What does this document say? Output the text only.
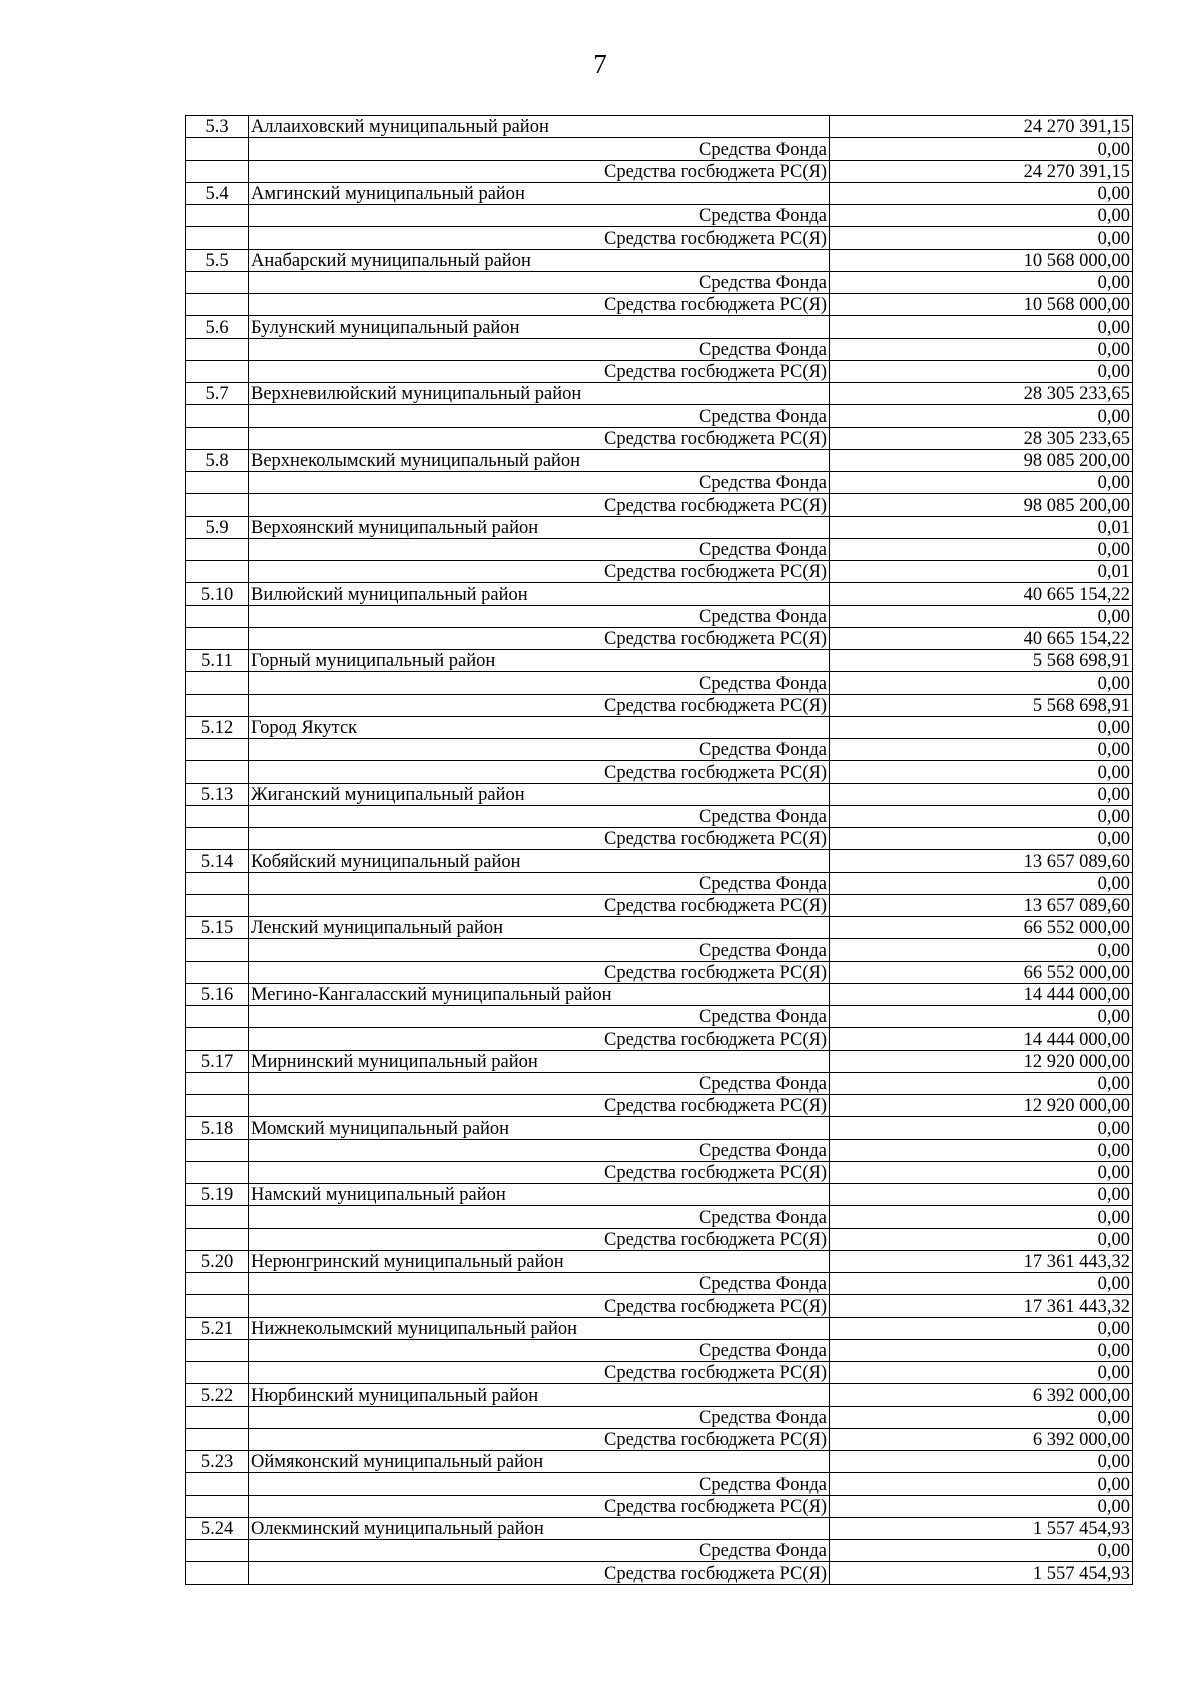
7
5.3	Аллаиховский муниципальный район	24 270 391,15
	Средства Фонда	0,00
	Средства госбюджета РС(Я)	24 270 391,15
5.4	Амгинский муниципальный район	0,00
	Средства Фонда	0,00
	Средства госбюджета РС(Я)	0,00
5.5	Анабарский муниципальный район	10 568 000,00
	Средства Фонда	0,00
	Средства госбюджета РС(Я)	10 568 000,00
5.6	Булунский муниципальный район	0,00
	Средства Фонда	0,00
	Средства госбюджета РС(Я)	0,00
5.7	Верхневилюйский муниципальный район	28 305 233,65
	Средства Фонда	0,00
	Средства госбюджета РС(Я)	28 305 233,65
5.8	Верхнеколымский муниципальный район	98 085 200,00
	Средства Фонда	0,00
	Средства госбюджета РС(Я)	98 085 200,00
5.9	Верхоянский муниципальный район	0,01
	Средства Фонда	0,00
	Средства госбюджета РС(Я)	0,01
5.10	Вилюйский муниципальный район	40 665 154,22
	Средства Фонда	0,00
	Средства госбюджета РС(Я)	40 665 154,22
5.11	Горный муниципальный район	5 568 698,91
	Средства Фонда	0,00
	Средства госбюджета РС(Я)	5 568 698,91
5.12	Город Якутск	0,00
	Средства Фонда	0,00
	Средства госбюджета РС(Я)	0,00
5.13	Жиганский муниципальный район	0,00
	Средства Фонда	0,00
	Средства госбюджета РС(Я)	0,00
5.14	Кобяйский муниципальный район	13 657 089,60
	Средства Фонда	0,00
	Средства госбюджета РС(Я)	13 657 089,60
5.15	Ленский муниципальный район	66 552 000,00
	Средства Фонда	0,00
	Средства госбюджета РС(Я)	66 552 000,00
5.16	Мегино-Кангаласский муниципальный район	14 444 000,00
	Средства Фонда	0,00
	Средства госбюджета РС(Я)	14 444 000,00
5.17	Мирнинский муниципальный район	12 920 000,00
	Средства Фонда	0,00
	Средства госбюджета РС(Я)	12 920 000,00
5.18	Момский муниципальный район	0,00
	Средства Фонда	0,00
	Средства госбюджета РС(Я)	0,00
5.19	Намский муниципальный район	0,00
	Средства Фонда	0,00
	Средства госбюджета РС(Я)	0,00
5.20	Нерюнгринский муниципальный район	17 361 443,32
	Средства Фонда	0,00
	Средства госбюджета РС(Я)	17 361 443,32
5.21	Нижнеколымский муниципальный район	0,00
	Средства Фонда	0,00
	Средства госбюджета РС(Я)	0,00
5.22	Нюрбинский муниципальный район	6 392 000,00
	Средства Фонда	0,00
	Средства госбюджета РС(Я)	6 392 000,00
5.23	Оймяконский муниципальный район	0,00
	Средства Фонда	0,00
	Средства госбюджета РС(Я)	0,00
5.24	Олекминский муниципальный район	1 557 454,93
	Средства Фонда	0,00
	Средства госбюджета РС(Я)	1 557 454,93
